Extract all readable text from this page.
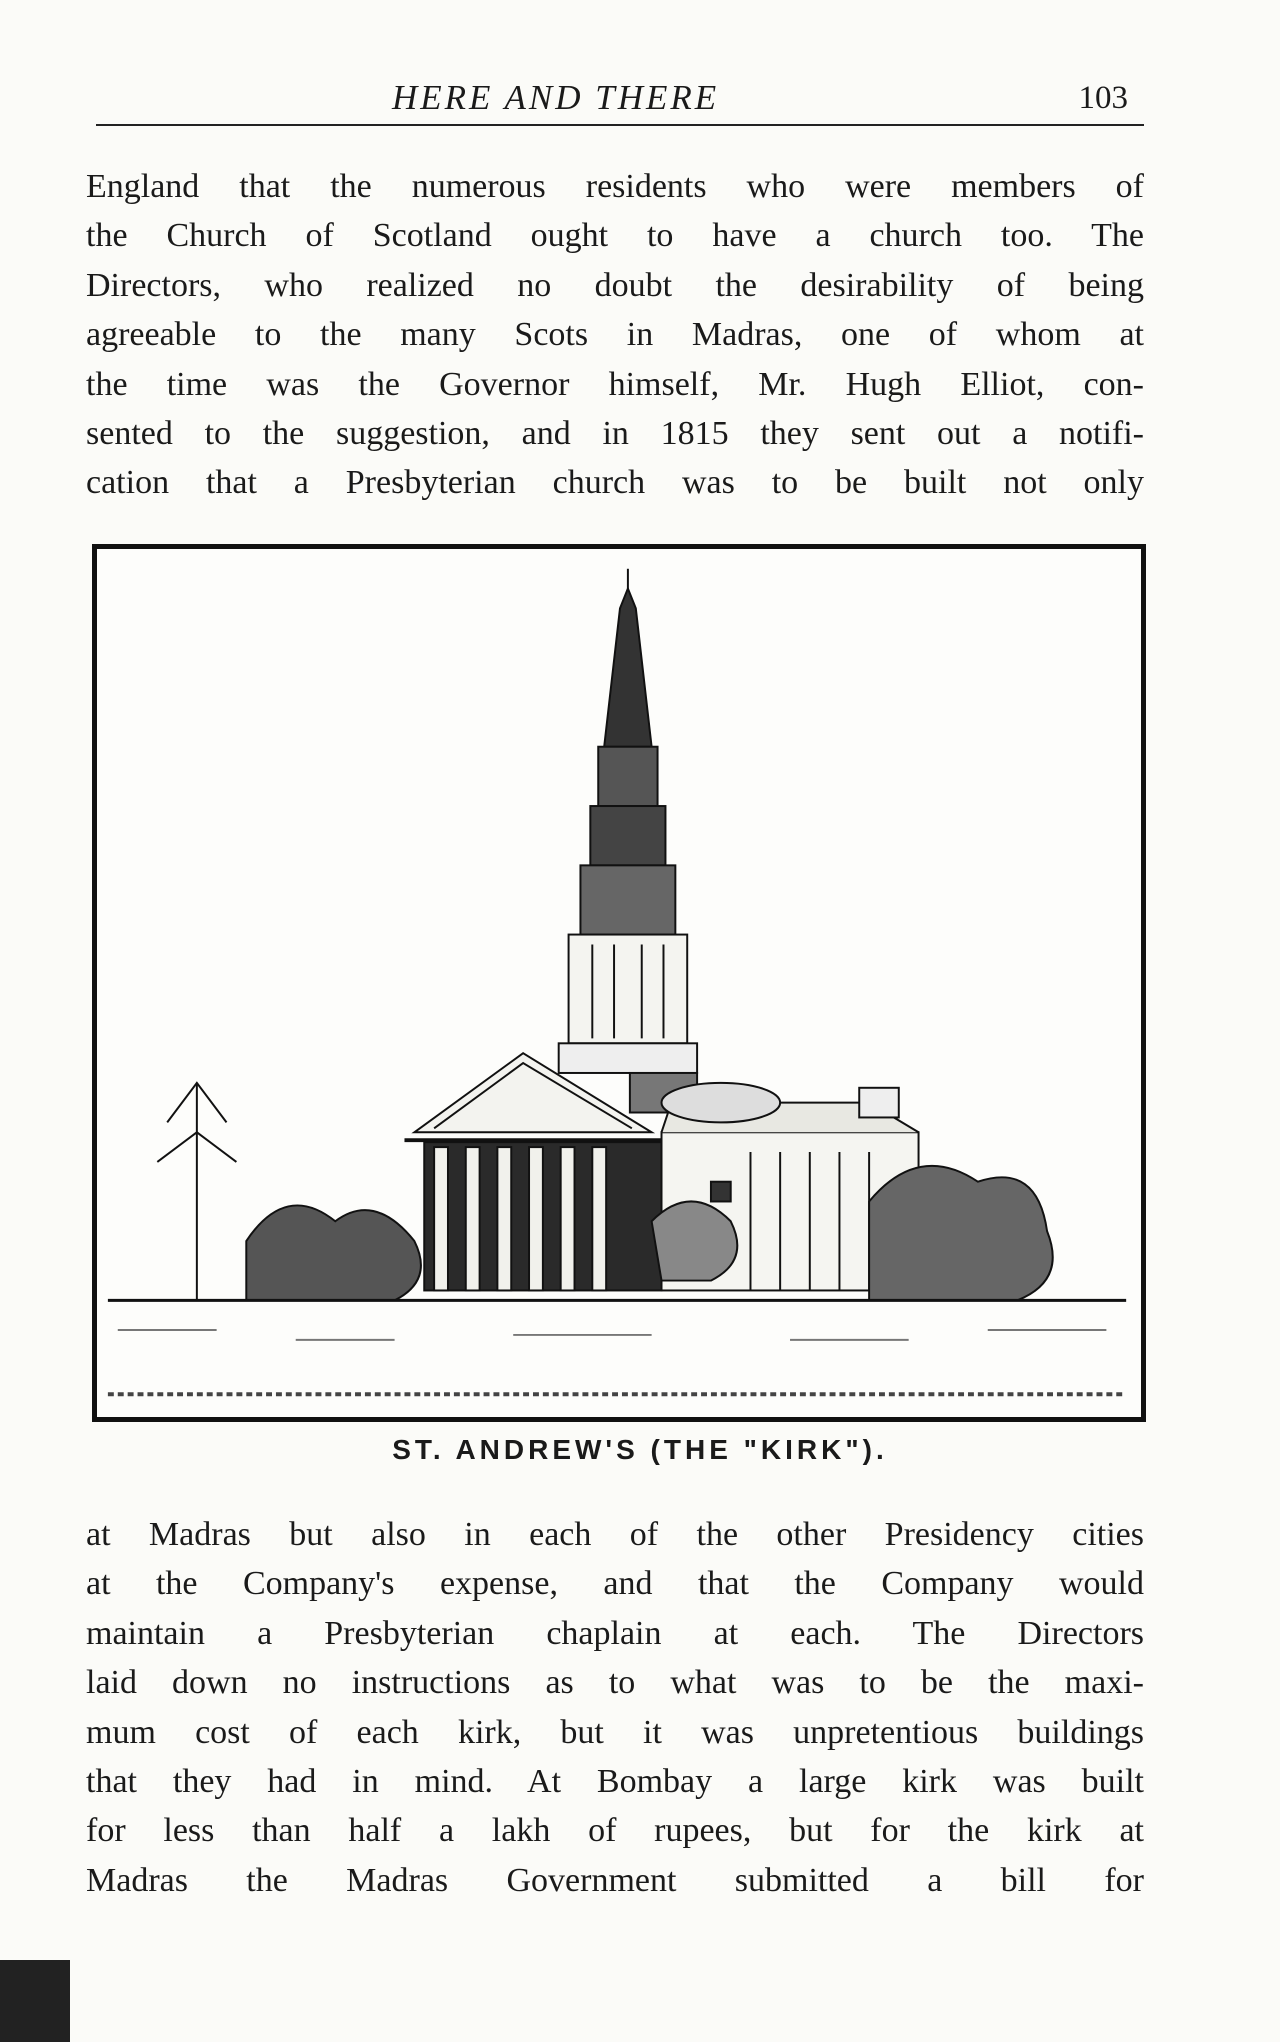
HERE AND THERE	103
England that the numerous residents who were members of
the Church of Scotland ought to have a church too. The
Directors, who realized no doubt the desirability of being
agreeable to the many Scots in Madras, one of whom at
the time was the Governor himself, Mr. Hugh Elliot, con-
sented to the suggestion, and in 1815 they sent out a notifi-
cation that a Presbyterian church was to be built not only
ST. ANDREW'S (THE "KIRK").
at Madras but also in each of the other Presidency cities
at the Company's expense, and that the Company would
maintain a Presbyterian chaplain at each. The Directors
laid down no instructions as to what was to be the maxi-
mum cost of each kirk, but it was unpretentious buildings
that they had in mind. At Bombay a large kirk was built
for less than half a lakh of rupees, but for the kirk at
Madras the Madras Government submitted a bill for
